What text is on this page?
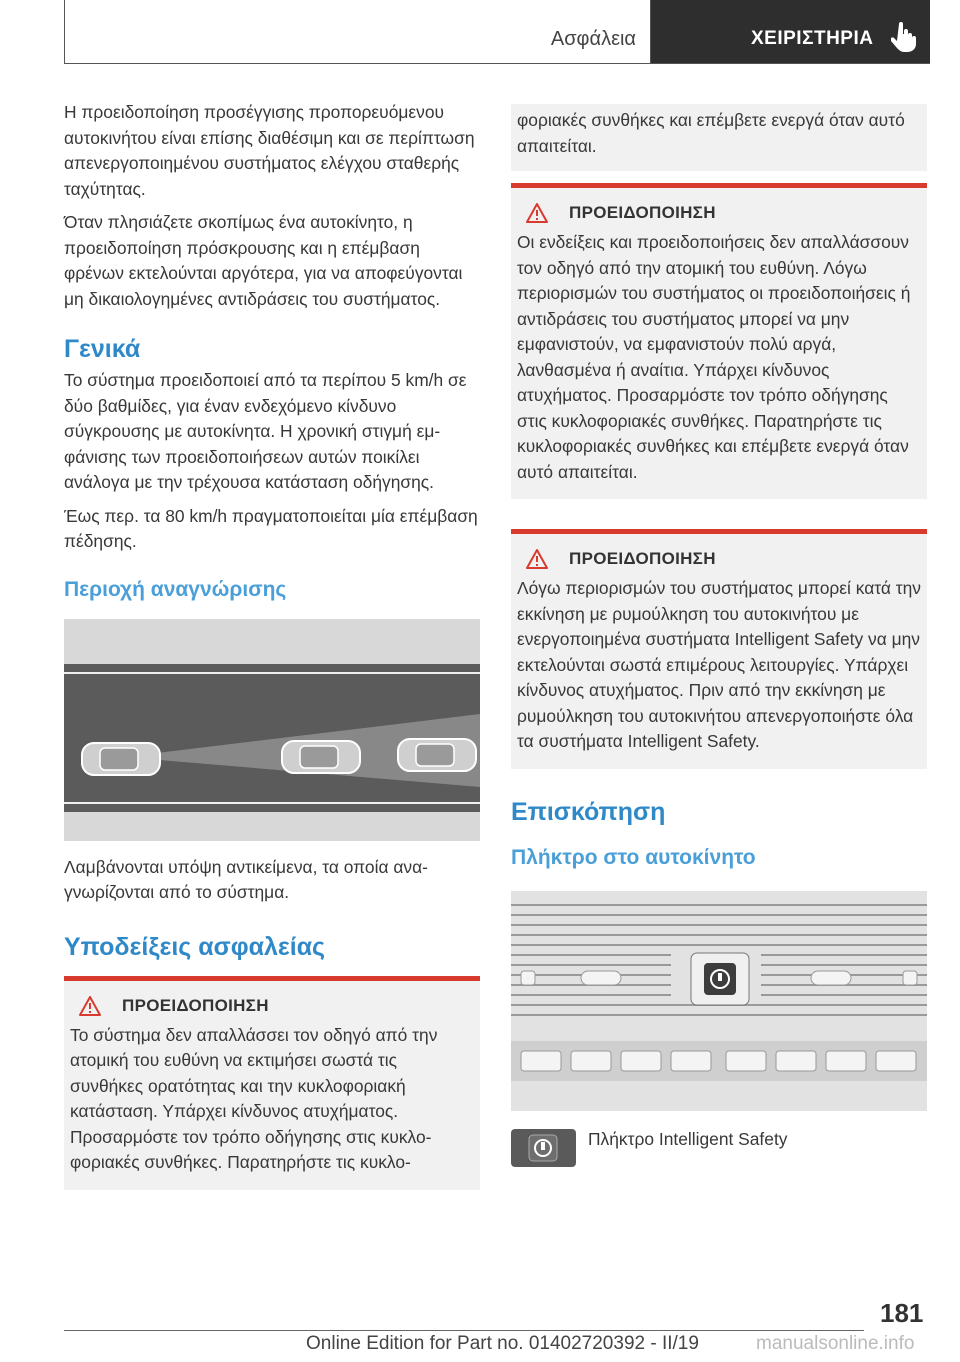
Ασφάλεια	ΧΕΙΡΙΣΤΗΡΙΑ

Η προειδοποίηση προσέγγισης προπορευόμενου αυτοκινήτου είναι επίσης διαθέσιμη και σε περίπτωση απενεργοποιημένου συστήματος ελέγχου σταθερής ταχύτητας.

Όταν πλησιάζετε σκοπίμως ένα αυτοκίνητο, η προειδοποίηση πρόσκρουσης και η επέμβαση φρένων εκτελούνται αργότερα, για να αποφεύγονται μη δικαιολογημένες αντιδράσεις του συστήματος.

Γενικά

Το σύστημα προειδοποιεί από τα περίπου 5 km/h σε δύο βαθμίδες, για έναν ενδεχόμενο κίνδυνο σύγκρουσης με αυτοκίνητα. Η χρονική στιγμή εμφάνισης των προειδοποιήσεων αυτών ποικίλει ανάλογα με την τρέχουσα κατάσταση οδήγησης.

Έως περ. τα 80 km/h πραγματοποιείται μία επέμβαση πέδησης.

Περιοχή αναγνώρισης

Λαμβάνονται υπόψη αντικείμενα, τα οποία αναγνωρίζονται από το σύστημα.

Υποδείξεις ασφαλείας
ΠΡΟΕΙΔΟΠΟΙΗΣΗ

Το σύστημα δεν απαλλάσσει τον οδηγό από την ατομική του ευθύνη να εκτιμήσει σωστά τις συνθήκες ορατότητας και την κυκλοφοριακή κατάσταση. Υπάρχει κίνδυνος ατυχήματος. Προσαρμόστε τον τρόπο οδήγησης στις κυκλοφοριακές συνθήκες. Παρατηρήστε τις κυκλο-

φοριακές συνθήκες και επέμβετε ενεργά όταν αυτό απαιτείται.

ΠΡΟΕΙΔΟΠΟΙΗΣΗ

Οι ενδείξεις και προειδοποιήσεις δεν απαλλάσσουν τον οδηγό από την ατομική του ευθύνη. Λόγω περιορισμών του συστήματος οι προειδοποιήσεις ή αντιδράσεις του συστήματος μπορεί να μην εμφανιστούν, να εμφανιστούν πολύ αργά, λανθασμένα ή αναίτια. Υπάρχει κίνδυνος ατυχήματος. Προσαρμόστε τον τρόπο οδήγησης στις κυκλοφοριακές συνθήκες. Παρατηρήστε τις κυκλοφοριακές συνθήκες και επέμβετε ενεργά όταν αυτό απαιτείται.

ΠΡΟΕΙΔΟΠΟΙΗΣΗ

Λόγω περιορισμών του συστήματος μπορεί κατά την εκκίνηση με ρυμούλκηση του αυτοκινήτου με ενεργοποιημένα συστήματα Intelligent Safety να μην εκτελούνται σωστά επιμέρους λειτουργίες. Υπάρχει κίνδυνος ατυχήματος. Πριν από την εκκίνηση με ρυμούλκηση του αυτοκινήτου απενεργοποιήστε όλα τα συστήματα Intelligent Safety.

Επισκόπηση
Πλήκτρο στο αυτοκίνητο

Πλήκτρο Intelligent Safety

181
Online Edition for Part no. 01402720392 - II/19	manualsonline.info
